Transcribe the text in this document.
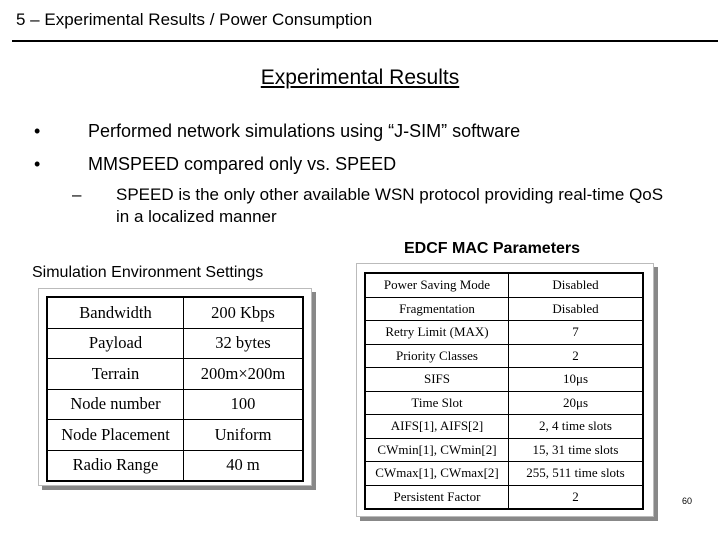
5 – Experimental Results / Power Consumption
Experimental Results
•	Performed network simulations using “J-SIM” software
•	MMSPEED compared only vs. SPEED
– SPEED is the only other available WSN protocol providing real-time QoS in a localized manner
Simulation Environment Settings
EDCF MAC Parameters
Bandwidth	200 Kbps
Payload	32 bytes
Terrain	200m×200m
Node number	100
Node Placement	Uniform
Radio Range	40 m
Power Saving Mode	Disabled
Fragmentation	Disabled
Retry Limit (MAX)	7
Priority Classes	2
SIFS	10μs
Time Slot	20μs
AIFS[1], AIFS[2]	2, 4 time slots
CWmin[1], CWmin[2]	15, 31 time slots
CWmax[1], CWmax[2]	255, 511 time slots
Persistent Factor	2	60
